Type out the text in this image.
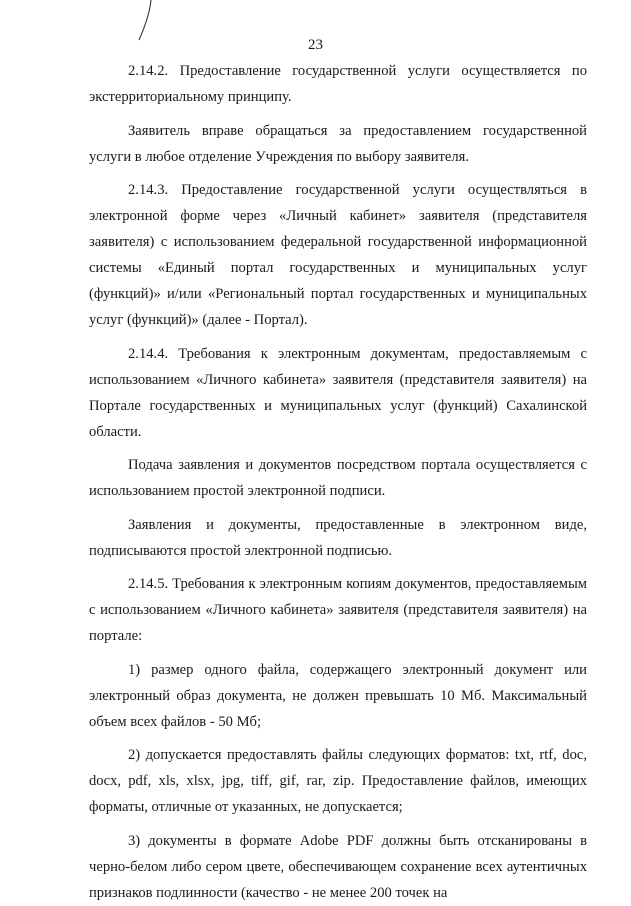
23

2.14.2. Предоставление государственной услуги осуществляется по экстерриториальному принципу.

Заявитель вправе обращаться за предоставлением государственной услуги в любое отделение Учреждения по выбору заявителя.

2.14.3. Предоставление государственной услуги осуществляться в электронной форме через «Личный кабинет» заявителя (представителя заявителя) с использованием федеральной государственной информационной системы «Единый портал государственных и муниципальных услуг (функций)» и/или «Региональный портал государственных и муниципальных услуг (функций)» (далее - Портал).

2.14.4. Требования к электронным документам, предоставляемым с использованием «Личного кабинета» заявителя (представителя заявителя) на Портале государственных и муниципальных услуг (функций) Сахалинской области.

Подача заявления и документов посредством портала осуществляется с использованием простой электронной подписи.

Заявления и документы, предоставленные в электронном виде, подписываются простой электронной подписью.

2.14.5. Требования к электронным копиям документов, предоставляемым с использованием «Личного кабинета» заявителя (представителя заявителя) на портале:

1) размер одного файла, содержащего электронный документ или электронный образ документа, не должен превышать 10 Мб. Максимальный объем всех файлов - 50 Мб;

2) допускается предоставлять файлы следующих форматов: txt, rtf, doc, docx, pdf, xls, xlsx, jpg, tiff, gif, rar, zip. Предоставление файлов, имеющих форматы, отличные от указанных, не допускается;

3) документы в формате Adobe PDF должны быть отсканированы в черно-белом либо сером цвете, обеспечивающем сохранение всех аутентичных признаков подлинности (качество - не менее 200 точек на
